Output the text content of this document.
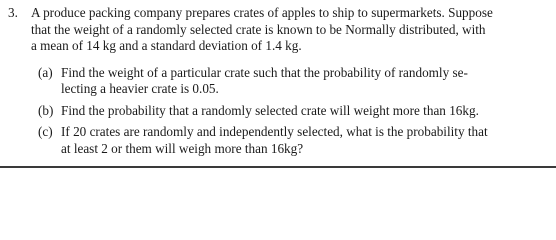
3. A produce packing company prepares crates of apples to ship to supermarkets. Suppose
that the weight of a randomly selected crate is known to be Normally distributed, with
a mean of 14 kg and a standard deviation of 1.4 kg.
(a) Find the weight of a particular crate such that the probability of randomly se-
lecting a heavier crate is 0.05.
(b) Find the probability that a randomly selected crate will weight more than 16kg.
(c) If 20 crates are randomly and independently selected, what is the probability that
at least 2 or them will weigh more than 16kg?
